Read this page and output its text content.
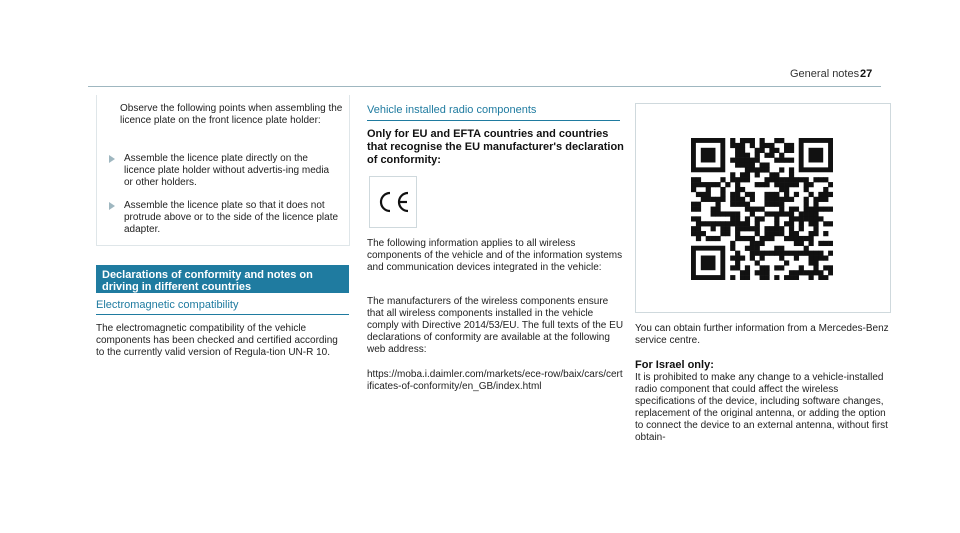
General notes 27
Observe the following points when assembling the licence plate on the front licence plate holder:
Assemble the licence plate directly on the licence plate holder without advertis-ing media or other holders.
Assemble the licence plate so that it does not protrude above or to the side of the licence plate adapter.
Declarations of conformity and notes on driving in different countries
Electromagnetic compatibility
The electromagnetic compatibility of the vehicle components has been checked and certified according to the currently valid version of Regula-tion UN-R 10.
Vehicle installed radio components
Only for EU and EFTA countries and countries that recognise the EU manufacturer's declaration of conformity:
The following information applies to all wireless components of the vehicle and of the information systems and communication devices integrated in the vehicle:
The manufacturers of the wireless components ensure that all wireless components installed in the vehicle comply with Directive 2014/53/EU. The full texts of the EU declarations of conformity are available at the following web address:
https://moba.i.daimler.com/markets/ece-row/baix/cars/certificates-of-conformity/en_GB/index.html
You can obtain further information from a Mercedes-Benz service centre.
For Israel only:
It is prohibited to make any change to a vehicle-installed radio component that could affect the wireless specifications of the device, including software changes, replacement of the original antenna, or adding the option to connect the device to an external antenna, without first obtain-
